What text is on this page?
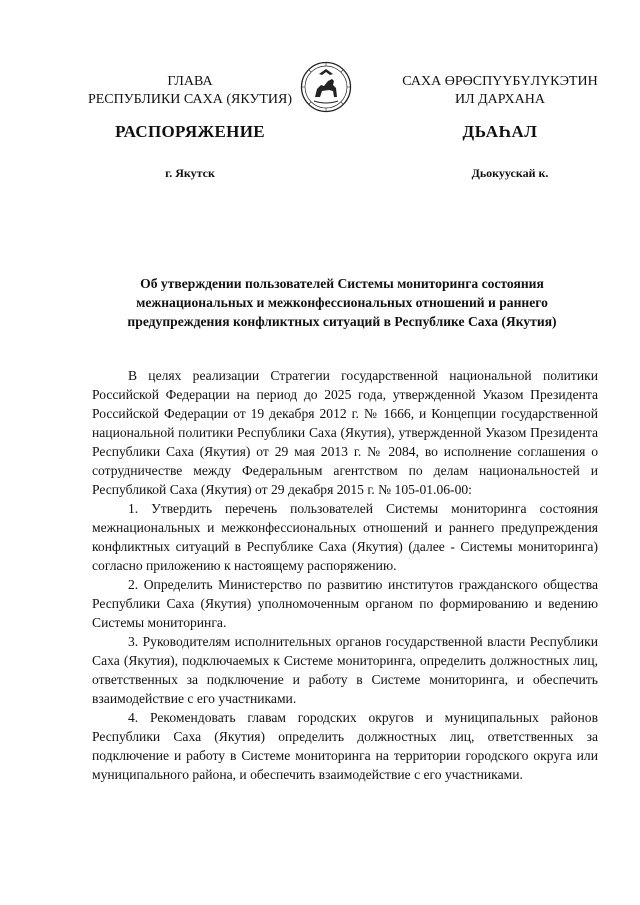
ГЛАВА
РЕСПУБЛИКИ САХА (ЯКУТИЯ)
САХА ӨРӨСПҮҮБҮЛҮКЭТИН
ИЛ ДАРХАНА
РАСПОРЯЖЕНИЕ	ДЬАҺАЛ
г. Якутск	Дьокуускай к.
Об утверждении пользователей Системы мониторинга состояния
межнациональных и межконфессиональных отношений и раннего
предупреждения конфликтных ситуаций в Республике Саха (Якутия)

В целях реализации Стратегии государственной национальной политики Российской Федерации на период до 2025 года, утвержденной Указом Президента Российской Федерации от 19 декабря 2012 г. № 1666, и Концепции государственной национальной политики Республики Саха (Якутия), утвержденной Указом Президента Республики Саха (Якутия) от 29 мая 2013 г. № 2084, во исполнение соглашения о сотрудничестве между Федеральным агентством по делам национальностей и Республикой Саха (Якутия) от 29 декабря 2015 г. № 105-01.06-00:

1. Утвердить перечень пользователей Системы мониторинга состояния межнациональных и межконфессиональных отношений и раннего предупреждения конфликтных ситуаций в Республике Саха (Якутия) (далее - Системы мониторинга) согласно приложению к настоящему распоряжению.

2. Определить Министерство по развитию институтов гражданского общества Республики Саха (Якутия) уполномоченным органом по формированию и ведению Системы мониторинга.

3. Руководителям исполнительных органов государственной власти Республики Саха (Якутия), подключаемых к Системе мониторинга, определить должностных лиц, ответственных за подключение и работу в Системе мониторинга, и обеспечить взаимодействие с его участниками.

4. Рекомендовать главам городских округов и муниципальных районов Республики Саха (Якутия) определить должностных лиц, ответственных за подключение и работу в Системе мониторинга на территории городского округа или муниципального района, и обеспечить взаимодействие с его участниками.
